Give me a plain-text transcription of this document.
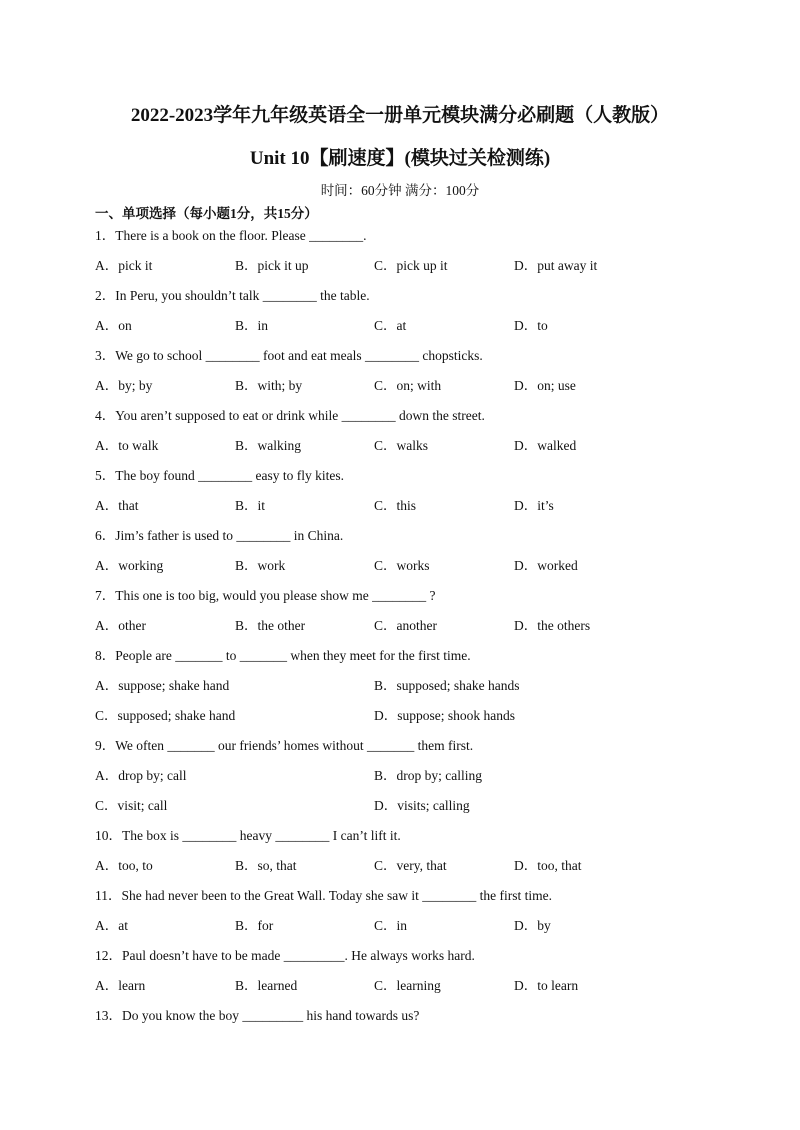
2022-2023学年九年级英语全一册单元模块满分必刷题（人教版）
Unit 10【刷速度】(模块过关检测练)
时间：60分钟 满分：100分
一、单项选择（每小题1分，共15分）
1．There is a book on the floor. Please ________.
A．pick it	B．pick it up	C．pick up it	D．put away it
2．In Peru, you shouldn’t talk ________ the table.
A．on	B．in	C．at	D．to
3．We go to school ________ foot and eat meals ________ chopsticks.
A．by; by	B．with; by	C．on; with	D．on; use
4．You aren’t supposed to eat or drink while ________ down the street.
A．to walk	B．walking	C．walks	D．walked
5．The boy found ________ easy to fly kites.
A．that	B．it	C．this	D．it’s
6．Jim’s father is used to ________ in China.
A．working	B．work	C．works	D．worked
7．This one is too big, would you please show me ________ ?
A．other	B．the other	C．another	D．the others
8．People are _______ to _______ when they meet for the first time.
A．suppose; shake hand	B．supposed; shake hands
C．supposed; shake hand	D．suppose; shook hands
9．We often _______ our friends’ homes without _______ them first.
A．drop by; call	B．drop by; calling
C．visit; call	D．visits; calling
10．The box is ________ heavy ________ I can’t lift it.
A．too, to	B．so, that	C．very, that	D．too, that
11．She had never been to the Great Wall. Today she saw it ________ the first time.
A．at	B．for	C．in	D．by
12．Paul doesn’t have to be made _________. He always works hard.
A．learn	B．learned	C．learning	D．to learn
13．Do you know the boy _________ his hand towards us?
